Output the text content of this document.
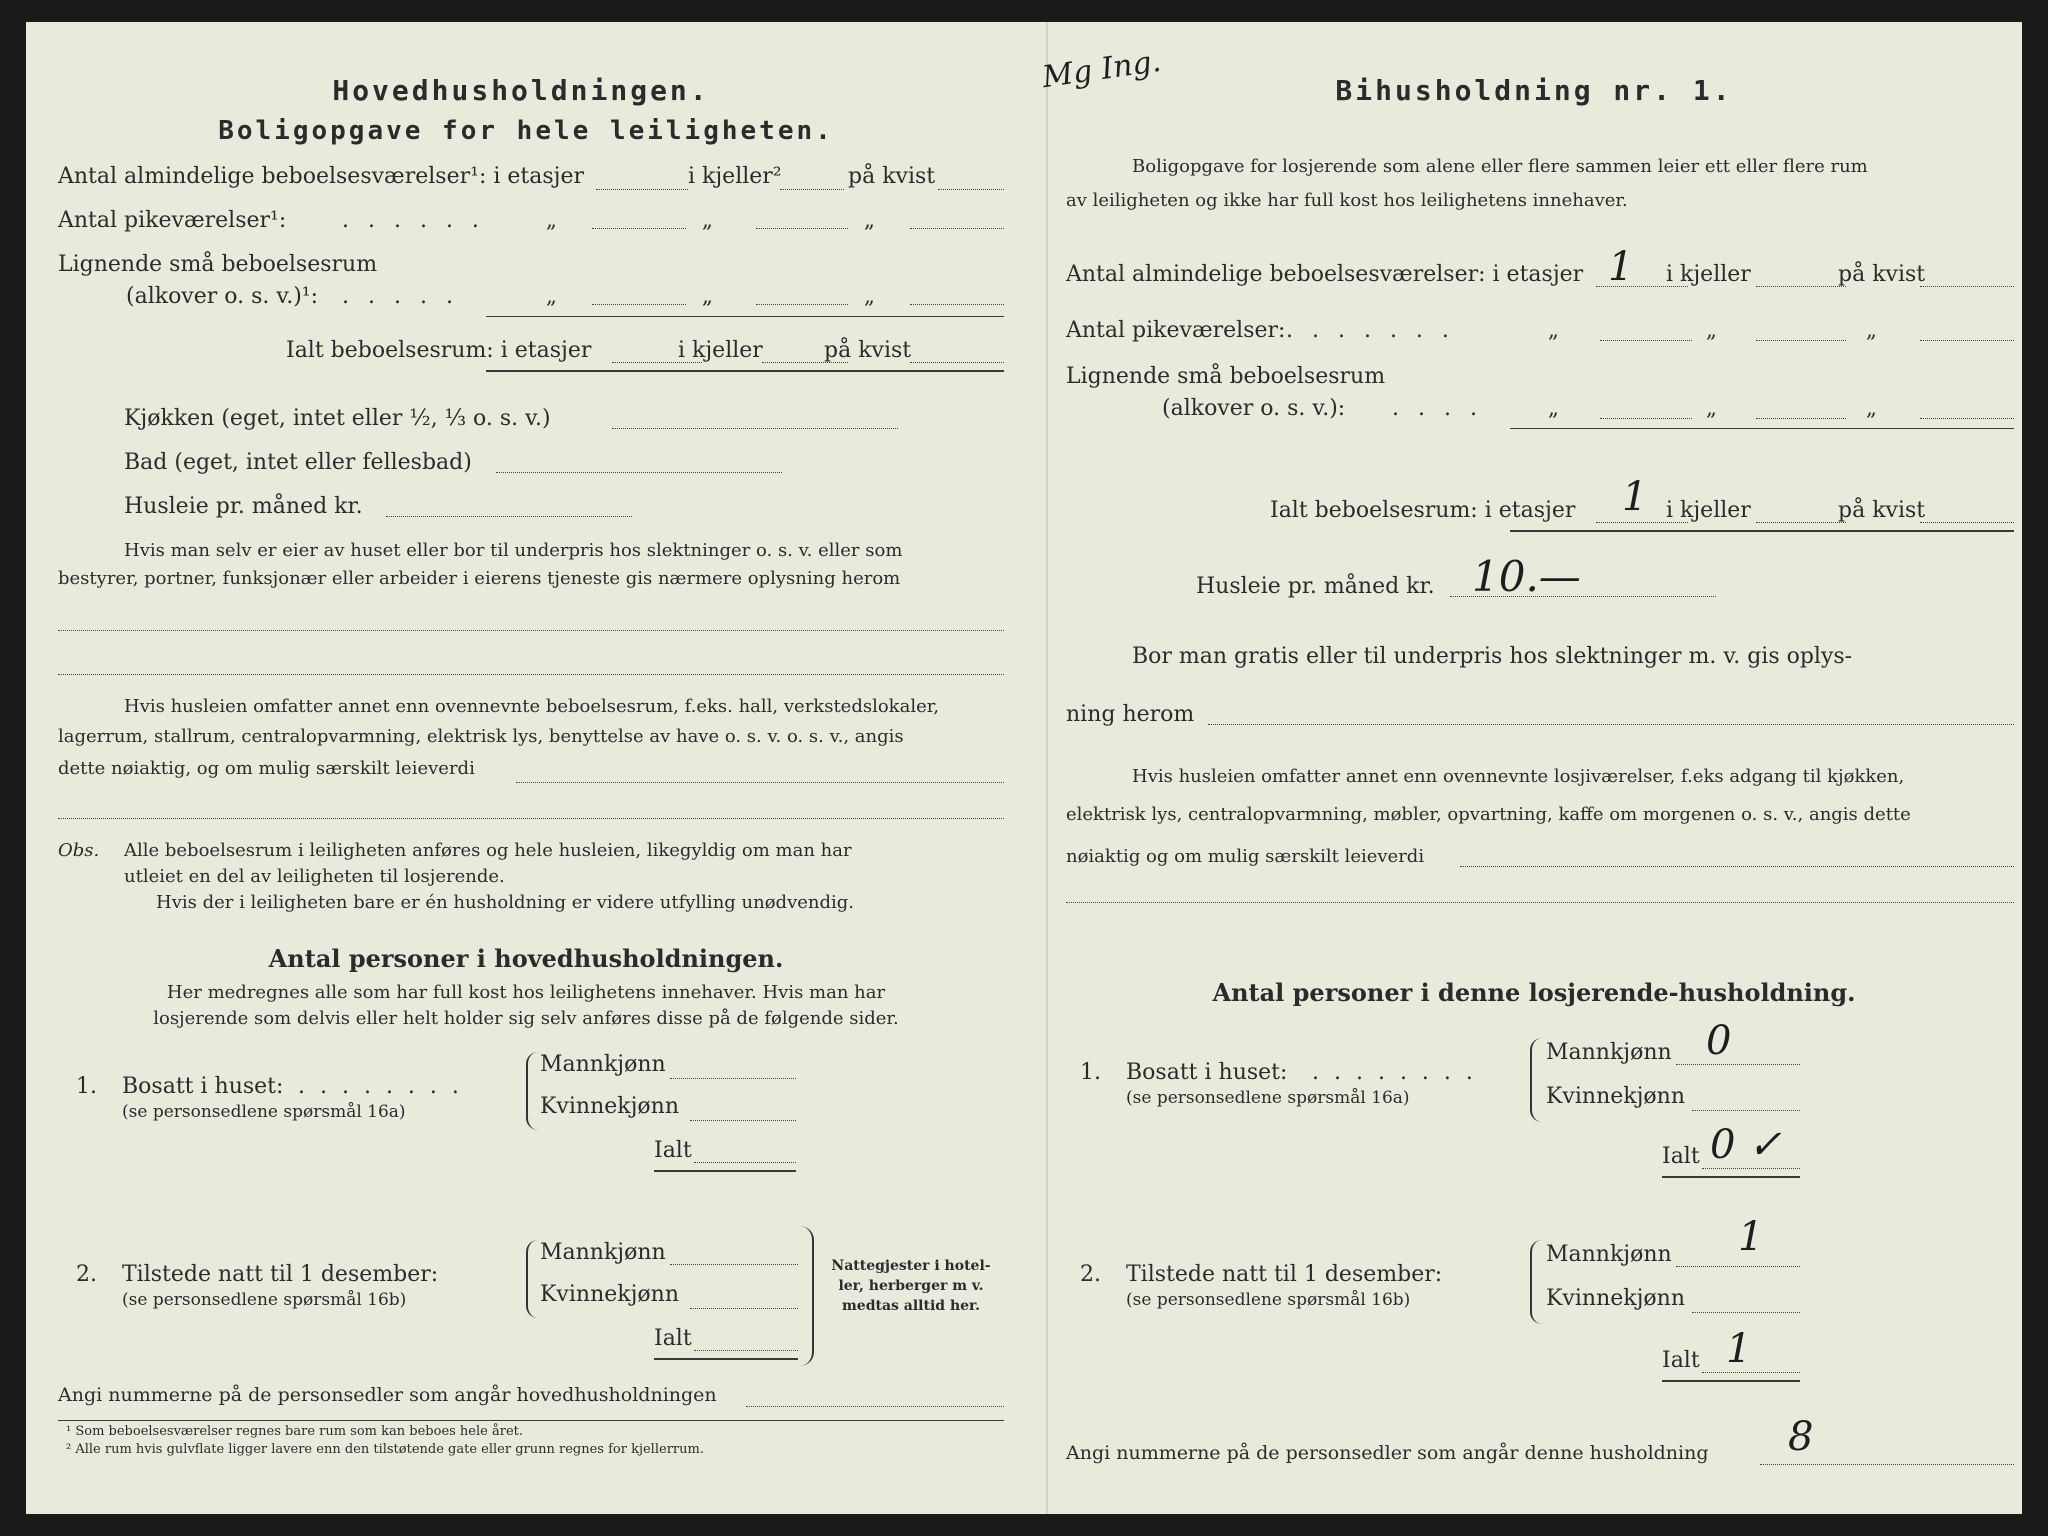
Hovedhusholdningen.
Boligopgave for hele leiligheten.
Antal almindelige beboelsesværelser¹: i etasjer	i kjeller²	på kvist
Antal pikeværelser¹:	. . . . . .	„	„	„
Lignende små beboelsesrum
(alkover o. s. v.)¹: . . . . .	„	„	„
Ialt beboelsesrum: i etasjer	i kjeller	på kvist
Kjøkken (eget, intet eller ½, ⅓ o. s. v.)
Bad (eget, intet eller fellesbad)
Husleie pr. måned kr.
Hvis man selv er eier av huset eller bor til underpris hos slektninger o. s. v. eller som
bestyrer, portner, funksjonær eller arbeider i eierens tjeneste gis nærmere oplysning herom
Hvis husleien omfatter annet enn ovennevnte beboelsesrum, f.eks. hall, verkstedslokaler,
lagerrum, stallrum, centralopvarmning, elektrisk lys, benyttelse av have o. s. v. o. s. v., angis
dette nøiaktig, og om mulig særskilt leieverdi
Obs. Alle beboelsesrum i leiligheten anføres og hele husleien, likegyldig om man har
utleiet en del av leiligheten til losjerende.
Hvis der i leiligheten bare er én husholdning er videre utfylling unødvendig.
Antal personer i hovedhusholdningen.
Her medregnes alle som har full kost hos leilighetens innehaver. Hvis man har
losjerende som delvis eller helt holder sig selv anføres disse på de følgende sider.
1. Bosatt i huset: . . . . . . . .
(se personsedlene spørsmål 16a)
Mannkjønn
Kvinnekjønn
Ialt
2. Tilstede natt til 1 desember:
(se personsedlene spørsmål 16b)
Mannkjønn
Kvinnekjønn
Ialt
Nattegjester i hotel-
ler, herberger m v.
medtas alltid her.
Angi nummerne på de personsedler som angår hovedhusholdningen
¹ Som beboelsesværelser regnes bare rum som kan beboes hele året.
² Alle rum hvis gulvflate ligger lavere enn den tilstøtende gate eller grunn regnes for kjellerrum.
Mg Ing.	Bihusholdning nr. 1.
Boligopgave for losjerende som alene eller flere sammen leier ett eller flere rum
av leiligheten og ikke har full kost hos leilighetens innehaver.
Antal almindelige beboelsesværelser: i etasjer 1 i kjeller	på kvist
Antal pikeværelser: . . . . . . .	„	„	„
Lignende små beboelsesrum
(alkover o. s. v.): . . . .	„	„	„
Ialt beboelsesrum: i etasjer 1 i kjeller	på kvist
Husleie pr. måned kr. 10.—
Bor man gratis eller til underpris hos slektninger m. v. gis oplys-
ning herom
Hvis husleien omfatter annet enn ovennevnte losjiværelser, f.eks adgang til kjøkken,
elektrisk lys, centralopvarmning, møbler, opvartning, kaffe om morgenen o. s. v., angis dette
nøiaktig og om mulig særskilt leieverdi
Antal personer i denne losjerende-husholdning.
1. Bosatt i huset: . . . . . . . .
(se personsedlene spørsmål 16a)
Mannkjønn 0
Kvinnekjønn
Ialt 0 ✓
2. Tilstede natt til 1 desember:
(se personsedlene spørsmål 16b)
Mannkjønn 1
Kvinnekjønn
Ialt 1
Angi nummerne på de personsedler som angår denne husholdning 8
